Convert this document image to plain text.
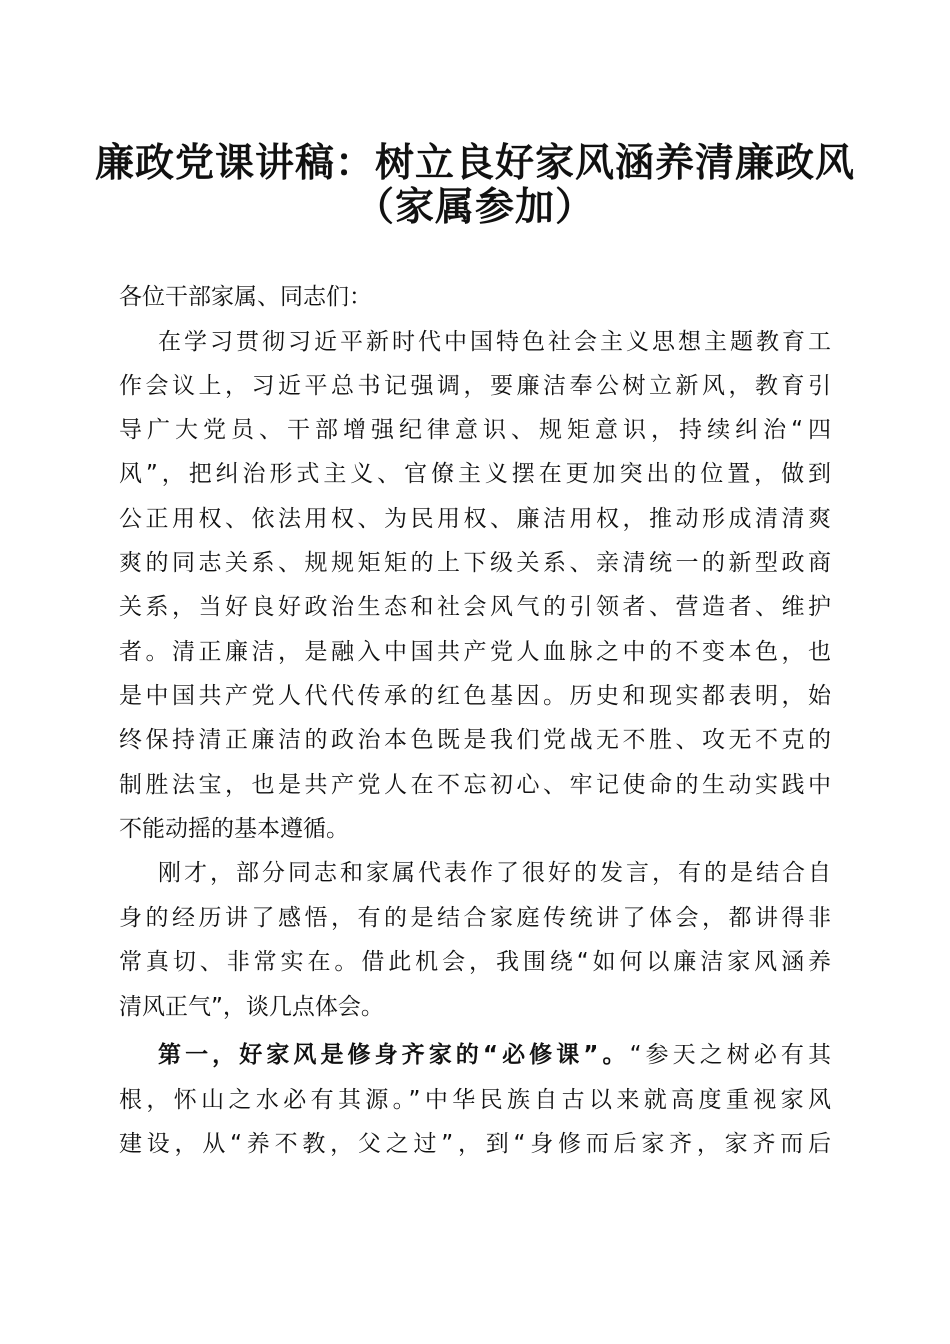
廉政党课讲稿：树立良好家风涵养清廉政风
（家属参加）
各位干部家属、同志们：
在学习贯彻习近平新时代中国特色社会主义思想主题教育工
作会议上，习近平总书记强调，要廉洁奉公树立新风，教育引
导广大党员、干部增强纪律意识、规矩意识，持续纠治“四
风”，把纠治形式主义、官僚主义摆在更加突出的位置，做到
公正用权、依法用权、为民用权、廉洁用权，推动形成清清爽
爽的同志关系、规规矩矩的上下级关系、亲清统一的新型政商
关系，当好良好政治生态和社会风气的引领者、营造者、维护
者。清正廉洁，是融入中国共产党人血脉之中的不变本色，也
是中国共产党人代代传承的红色基因。历史和现实都表明，始
终保持清正廉洁的政治本色既是我们党战无不胜、攻无不克的
制胜法宝，也是共产党人在不忘初心、牢记使命的生动实践中
不能动摇的基本遵循。
刚才，部分同志和家属代表作了很好的发言，有的是结合自
身的经历讲了感悟，有的是结合家庭传统讲了体会，都讲得非
常真切、非常实在。借此机会，我围绕“如何以廉洁家风涵养
清风正气”，谈几点体会。
第一，好家风是修身齐家的“必修课”。“参天之树必有其
根，怀山之水必有其源。”中华民族自古以来就高度重视家风
建设，从“养不教，父之过”，到“身修而后家齐，家齐而后
